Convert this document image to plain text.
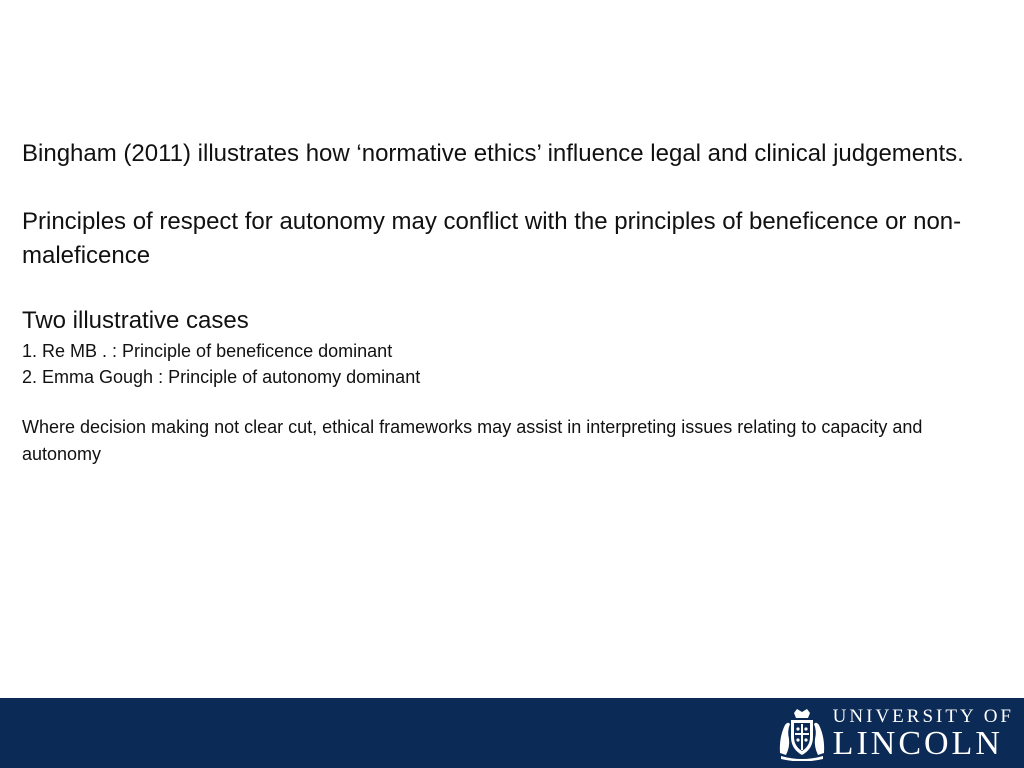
Bingham (2011) illustrates how ‘normative ethics’ influence legal and clinical judgements.

Principles of respect for autonomy may conflict with the principles of beneficence or non-maleficence

Two illustrative cases

1. Re MB . : Principle of beneficence dominant
2. Emma Gough : Principle of autonomy dominant

Where decision making not clear cut, ethical frameworks may assist in interpreting issues relating to capacity and autonomy

UNIVERSITY OF
LINCOLN
